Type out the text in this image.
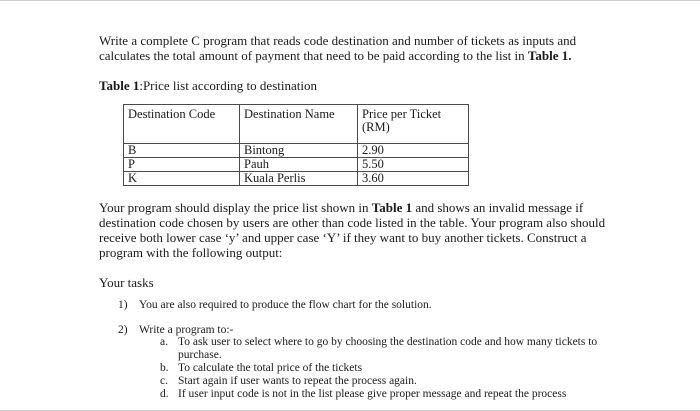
Write a complete C program that reads code destination and number of tickets as inputs and

calculates the total amount of payment that need to be paid according to the list in Table 1.

Table 1:Price list according to destination

Destination Code	Destination Name	Price per Ticket
(RM)
B	Bintong	2.90
P	Pauh	5.50
K	Kuala Perlis	3.60

Your program should display the price list shown in Table 1 and shows an invalid message if

destination code chosen by users are other than code listed in the table. Your program also should

receive both lower case ‘y’ and upper case ‘Y’ if they want to buy another tickets. Construct a

program with the following output:

Your tasks

1) You are also required to produce the flow chart for the solution.

2) Write a program to:-

a. To ask user to select where to go by choosing the destination code and how many tickets to

purchase.

b. To calculate the total price of the tickets

c. Start again if user wants to repeat the process again.

d. If user input code is not in the list please give proper message and repeat the process
